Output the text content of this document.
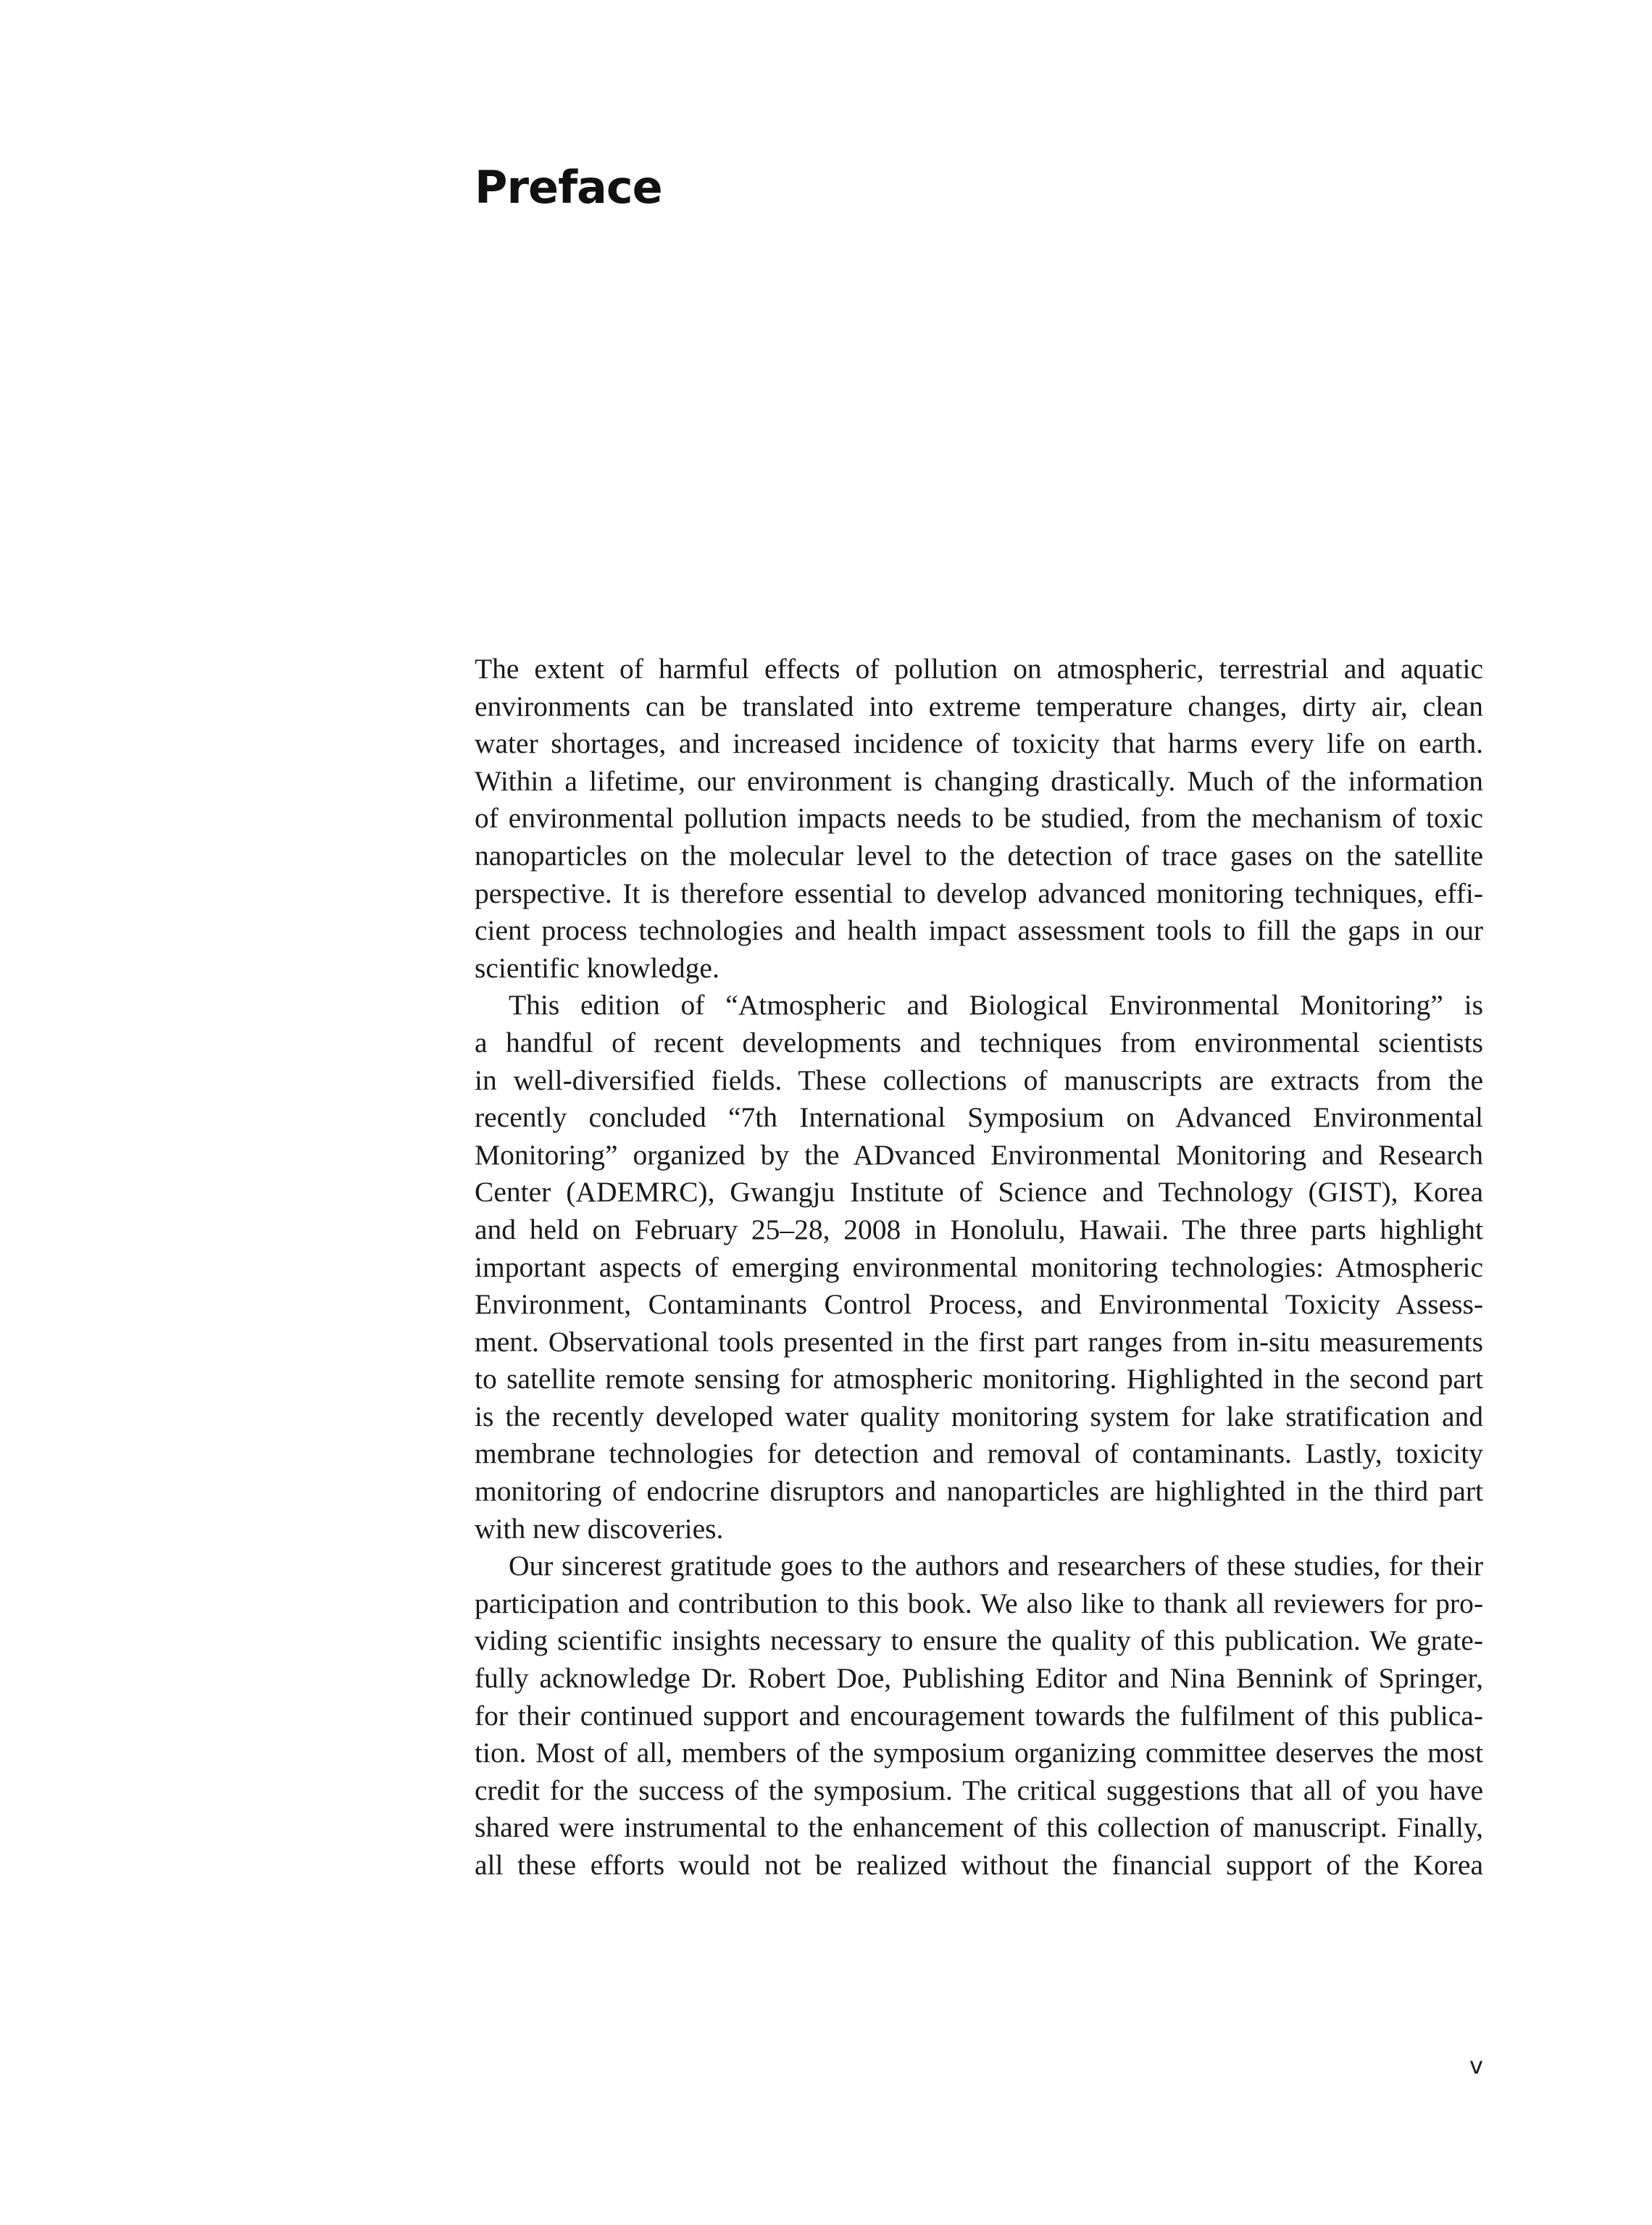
Preface
The extent of harmful effects of pollution on atmospheric, terrestrial and aquatic
environments can be translated into extreme temperature changes, dirty air, clean
water shortages, and increased incidence of toxicity that harms every life on earth.
Within a lifetime, our environment is changing drastically. Much of the information
of environmental pollution impacts needs to be studied, from the mechanism of toxic
nanoparticles on the molecular level to the detection of trace gases on the satellite
perspective. It is therefore essential to develop advanced monitoring techniques, effi-
cient process technologies and health impact assessment tools to fill the gaps in our
scientific knowledge.
This edition of “Atmospheric and Biological Environmental Monitoring” is
a handful of recent developments and techniques from environmental scientists
in well-diversified fields. These collections of manuscripts are extracts from the
recently concluded “7th International Symposium on Advanced Environmental
Monitoring” organized by the ADvanced Environmental Monitoring and Research
Center (ADEMRC), Gwangju Institute of Science and Technology (GIST), Korea
and held on February 25–28, 2008 in Honolulu, Hawaii. The three parts highlight
important aspects of emerging environmental monitoring technologies: Atmospheric
Environment, Contaminants Control Process, and Environmental Toxicity Assess-
ment. Observational tools presented in the first part ranges from in-situ measurements
to satellite remote sensing for atmospheric monitoring. Highlighted in the second part
is the recently developed water quality monitoring system for lake stratification and
membrane technologies for detection and removal of contaminants. Lastly, toxicity
monitoring of endocrine disruptors and nanoparticles are highlighted in the third part
with new discoveries.
Our sincerest gratitude goes to the authors and researchers of these studies, for their
participation and contribution to this book. We also like to thank all reviewers for pro-
viding scientific insights necessary to ensure the quality of this publication. We grate-
fully acknowledge Dr. Robert Doe, Publishing Editor and Nina Bennink of Springer,
for their continued support and encouragement towards the fulfilment of this publica-
tion. Most of all, members of the symposium organizing committee deserves the most
credit for the success of the symposium. The critical suggestions that all of you have
shared were instrumental to the enhancement of this collection of manuscript. Finally,
all these efforts would not be realized without the financial support of the Korea
v
